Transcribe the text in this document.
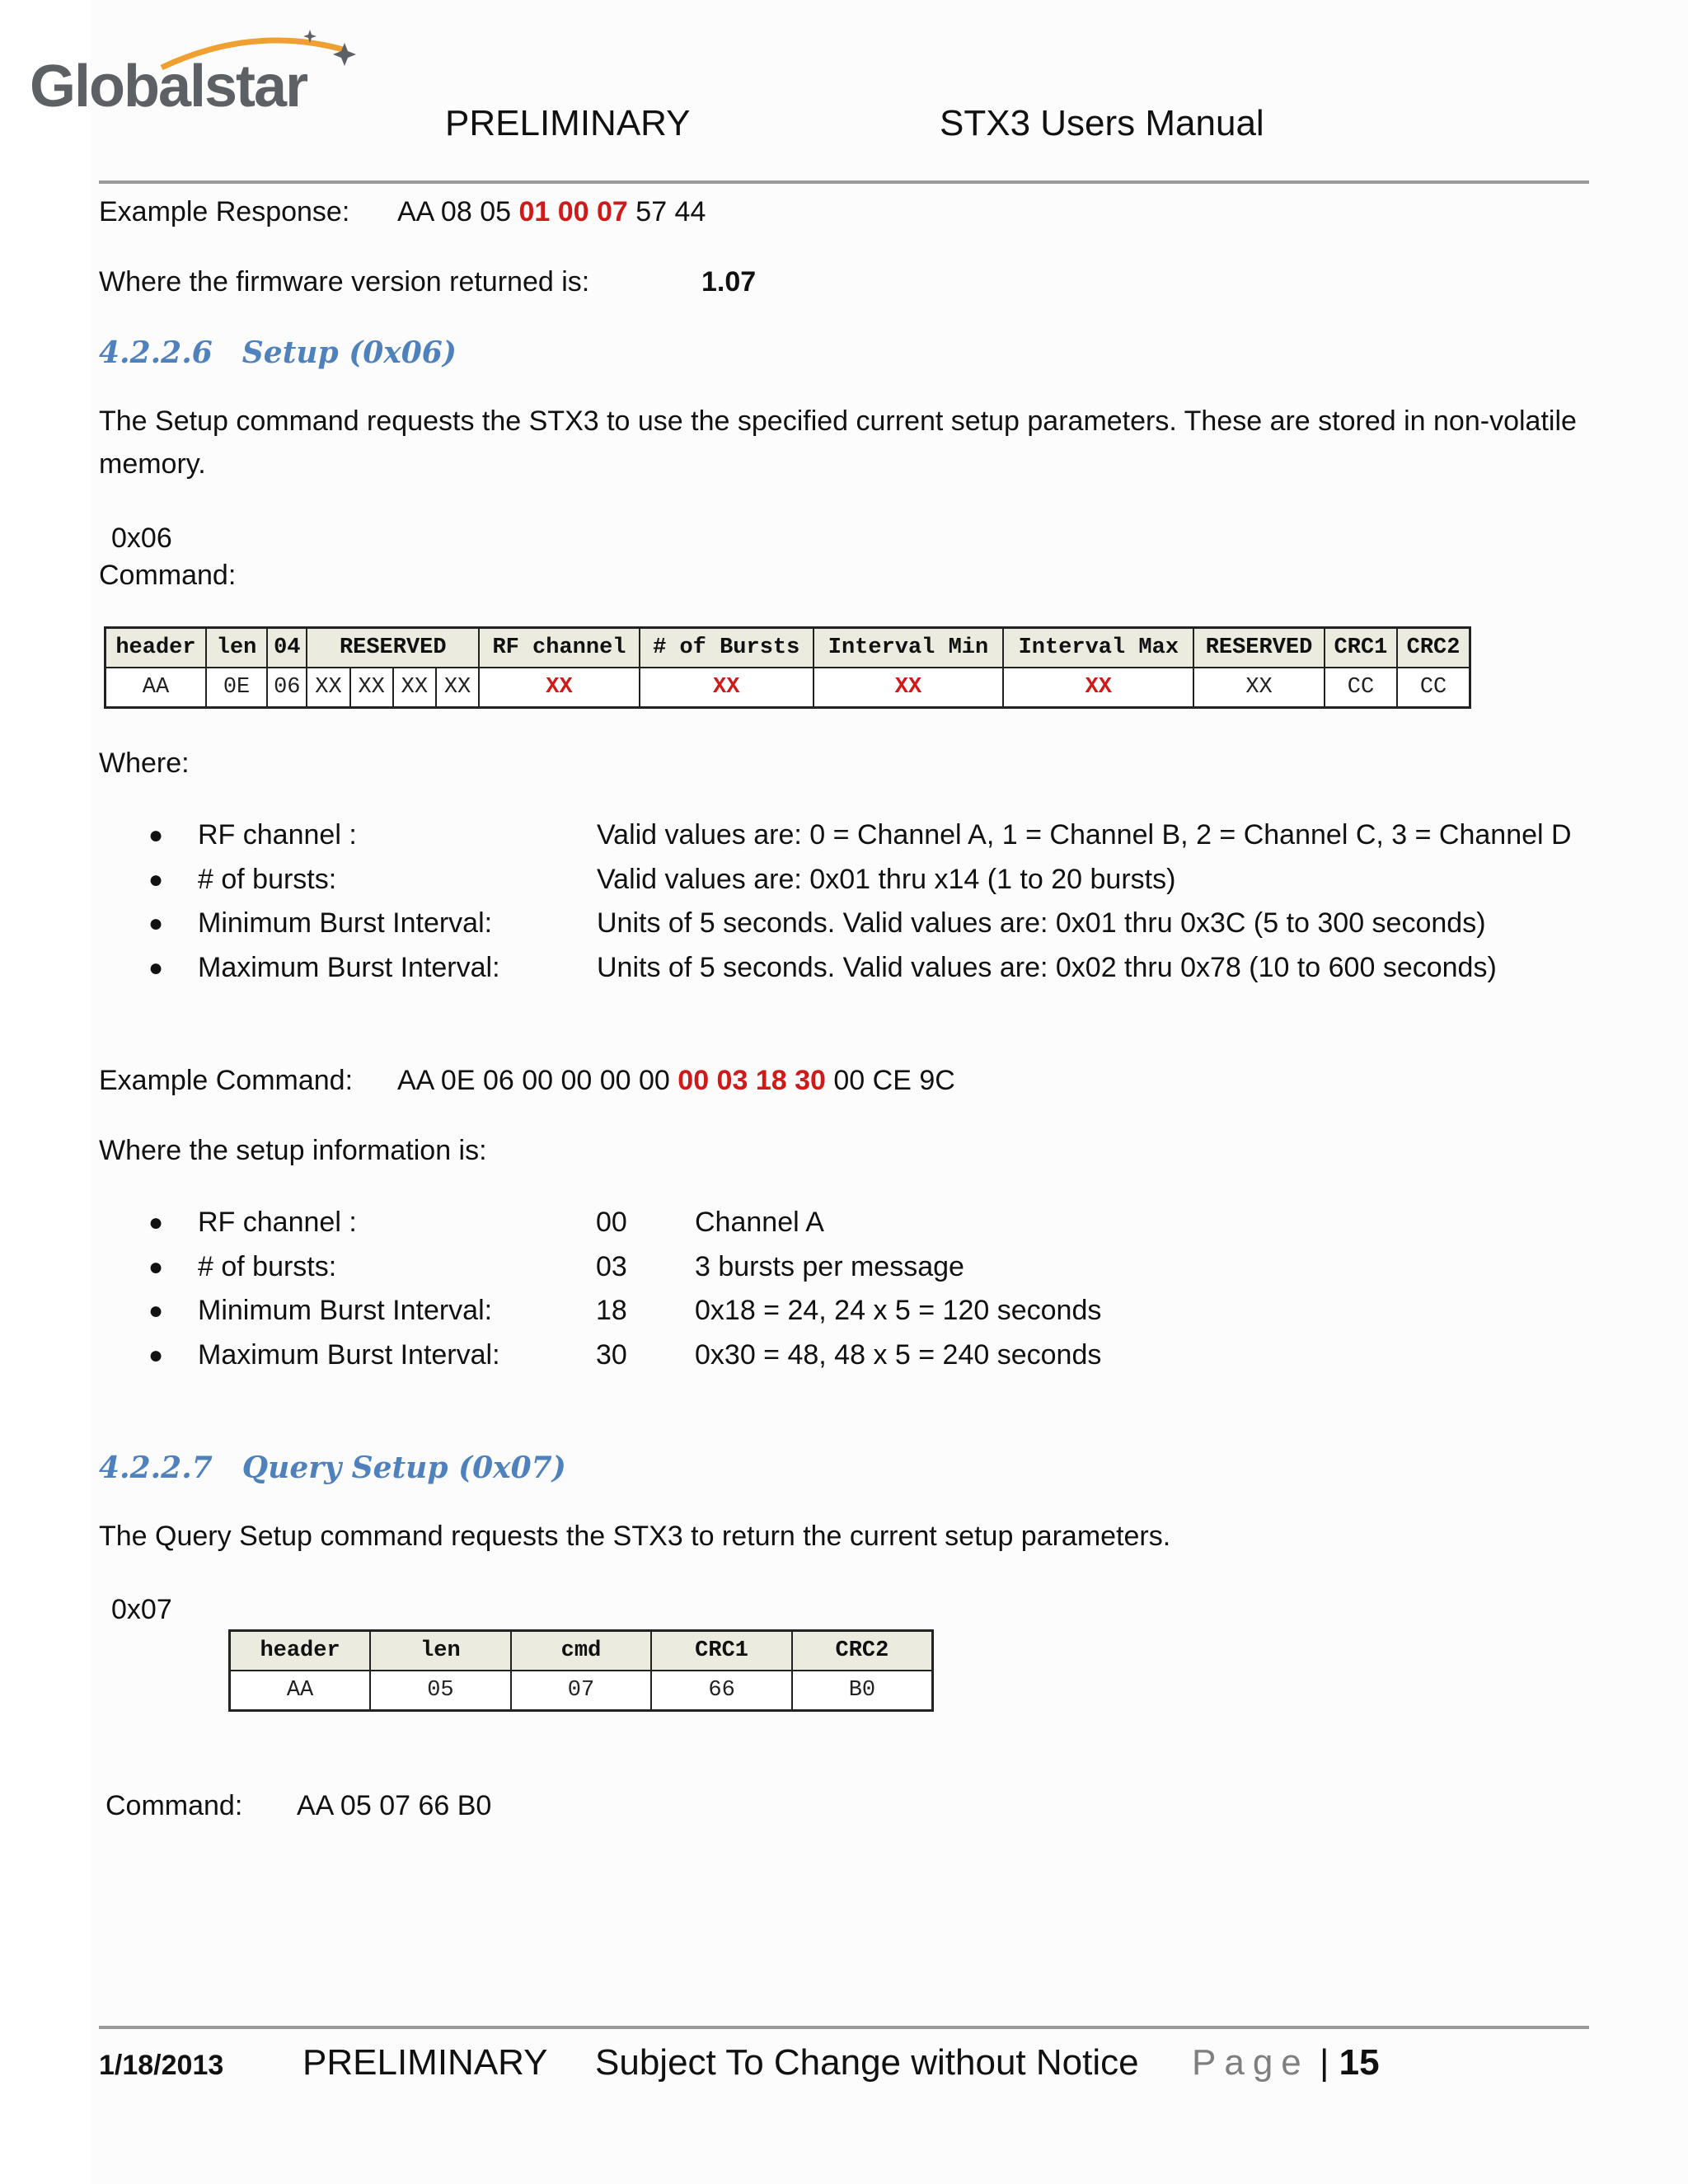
Globalstar
PRELIMINARY	STX3 Users Manual
Example Response: AA 08 05 01 00 07 57 44
Where the firmware version returned is:	1.07
4.2.2.6 Setup (0x06)
The Setup command requests the STX3 to use the specified current setup parameters. These are stored in non-volatile
memory.
0x06
Command:
header	len	04	RESERVED				RF channel	# of Bursts	Interval Min	Interval Max	RESERVED	CRC1	CRC2
AA	0E	06	XX	XX	XX	XX	XX	XX	XX	XX	XX	CC	CC
Where:
● RF channel :	Valid values are: 0 = Channel A, 1 = Channel B, 2 = Channel C, 3 = Channel D
● # of bursts:	Valid values are: 0x01 thru x14 (1 to 20 bursts)
● Minimum Burst Interval:	Units of 5 seconds. Valid values are: 0x01 thru 0x3C (5 to 300 seconds)
● Maximum Burst Interval:	Units of 5 seconds. Valid values are: 0x02 thru 0x78 (10 to 600 seconds)
Example Command: AA 0E 06 00 00 00 00 00 03 18 30 00 CE 9C
Where the setup information is:
● RF channel :	00 Channel A
● # of bursts:	03 3 bursts per message
● Minimum Burst Interval:	18 0x18 = 24, 24 x 5 = 120 seconds
● Maximum Burst Interval:	30 0x30 = 48, 48 x 5 = 240 seconds
4.2.2.7 Query Setup (0x07)
The Query Setup command requests the STX3 to return the current setup parameters.
0x07
header	len	cmd	CRC1	CRC2
AA	05	07	66	B0
Command: AA 05 07 66 B0
1/18/2013 PRELIMINARY Subject To Change without Notice Page | 15
